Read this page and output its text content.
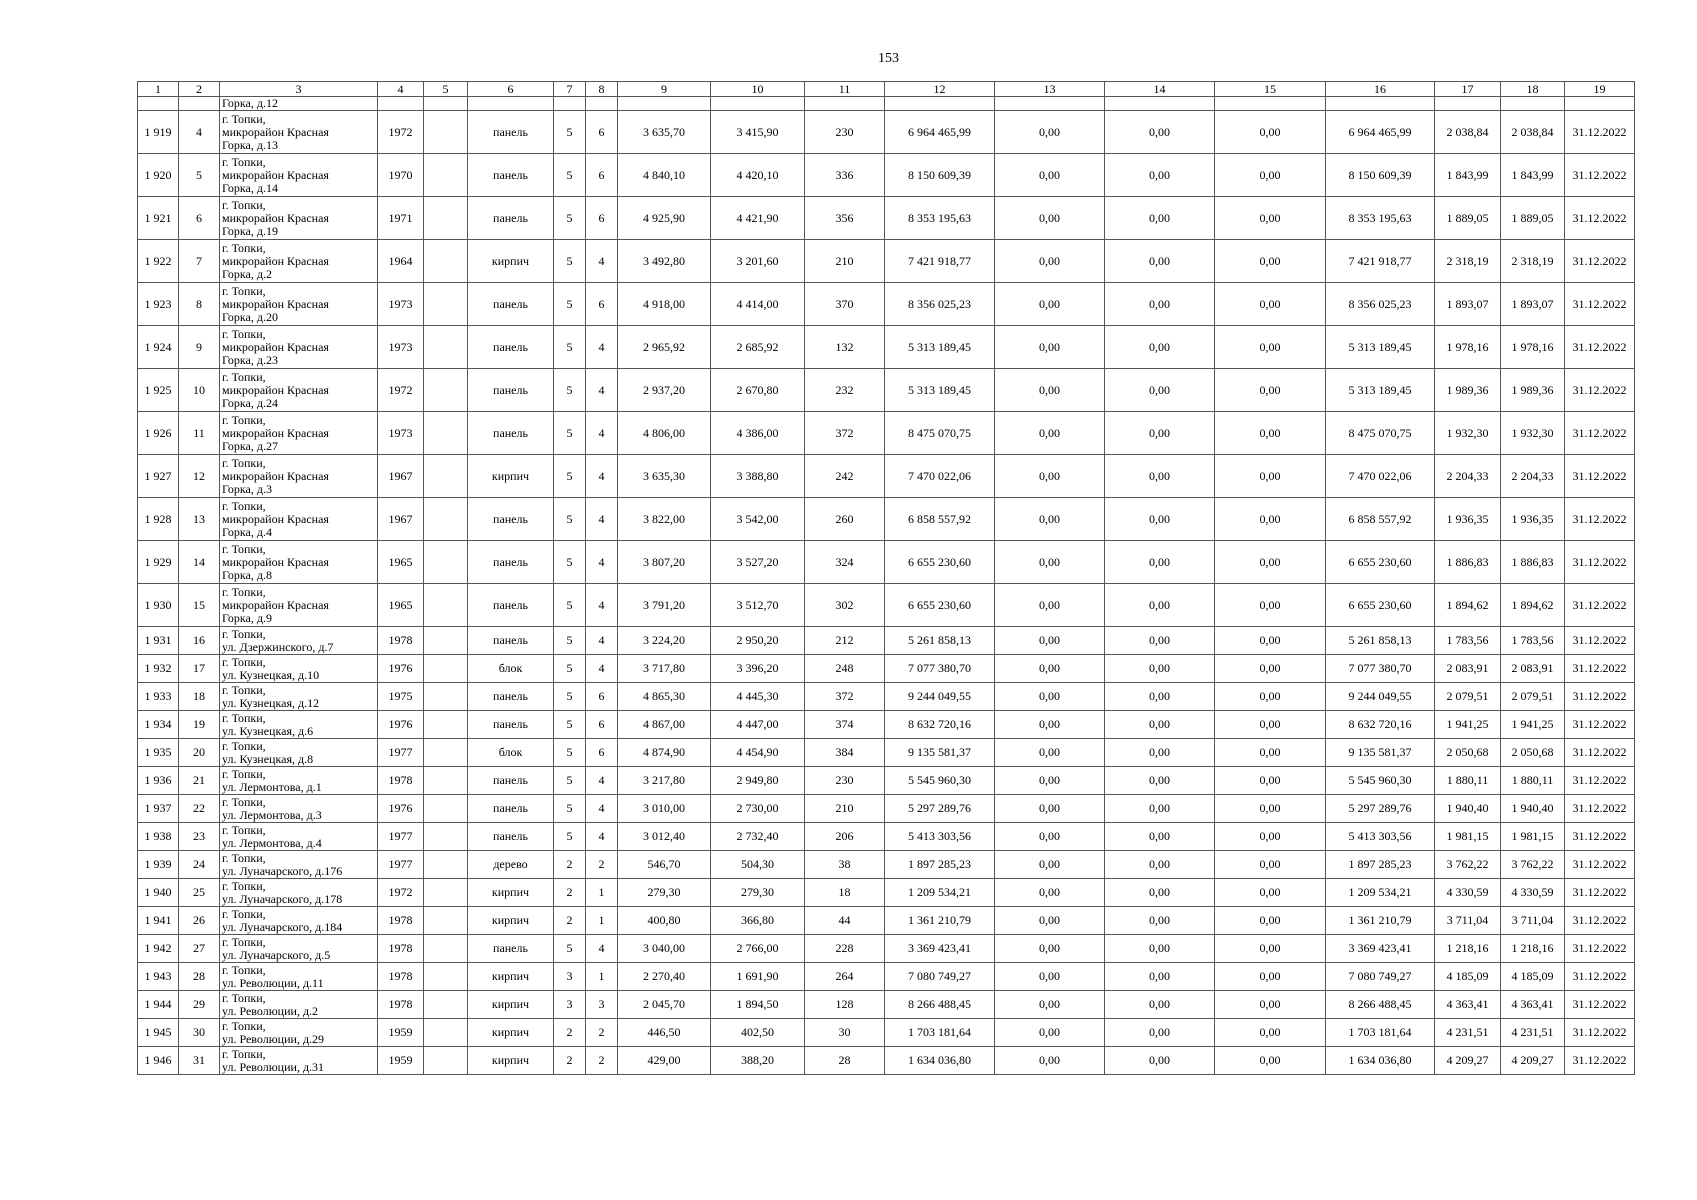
153
1	2	3	4	5	6	7	8	9	10	11	12	13	14	15	16	17	18	19
		Горка, д.12																
1 919	4	г. Топки,
микрорайон Красная
Горка, д.13	1972		панель	5	6	3 635,70	3 415,90	230	6 964 465,99	0,00	0,00	0,00	6 964 465,99	2 038,84	2 038,84	31.12.2022
1 920	5	г. Топки,
микрорайон Красная
Горка, д.14	1970		панель	5	6	4 840,10	4 420,10	336	8 150 609,39	0,00	0,00	0,00	8 150 609,39	1 843,99	1 843,99	31.12.2022
1 921	6	г. Топки,
микрорайон Красная
Горка, д.19	1971		панель	5	6	4 925,90	4 421,90	356	8 353 195,63	0,00	0,00	0,00	8 353 195,63	1 889,05	1 889,05	31.12.2022
1 922	7	г. Топки,
микрорайон Красная
Горка, д.2	1964		кирпич	5	4	3 492,80	3 201,60	210	7 421 918,77	0,00	0,00	0,00	7 421 918,77	2 318,19	2 318,19	31.12.2022
1 923	8	г. Топки,
микрорайон Красная
Горка, д.20	1973		панель	5	6	4 918,00	4 414,00	370	8 356 025,23	0,00	0,00	0,00	8 356 025,23	1 893,07	1 893,07	31.12.2022
1 924	9	г. Топки,
микрорайон Красная
Горка, д.23	1973		панель	5	4	2 965,92	2 685,92	132	5 313 189,45	0,00	0,00	0,00	5 313 189,45	1 978,16	1 978,16	31.12.2022
1 925	10	г. Топки,
микрорайон Красная
Горка, д.24	1972		панель	5	4	2 937,20	2 670,80	232	5 313 189,45	0,00	0,00	0,00	5 313 189,45	1 989,36	1 989,36	31.12.2022
1 926	11	г. Топки,
микрорайон Красная
Горка, д.27	1973		панель	5	4	4 806,00	4 386,00	372	8 475 070,75	0,00	0,00	0,00	8 475 070,75	1 932,30	1 932,30	31.12.2022
1 927	12	г. Топки,
микрорайон Красная
Горка, д.3	1967		кирпич	5	4	3 635,30	3 388,80	242	7 470 022,06	0,00	0,00	0,00	7 470 022,06	2 204,33	2 204,33	31.12.2022
1 928	13	г. Топки,
микрорайон Красная
Горка, д.4	1967		панель	5	4	3 822,00	3 542,00	260	6 858 557,92	0,00	0,00	0,00	6 858 557,92	1 936,35	1 936,35	31.12.2022
1 929	14	г. Топки,
микрорайон Красная
Горка, д.8	1965		панель	5	4	3 807,20	3 527,20	324	6 655 230,60	0,00	0,00	0,00	6 655 230,60	1 886,83	1 886,83	31.12.2022
1 930	15	г. Топки,
микрорайон Красная
Горка, д.9	1965		панель	5	4	3 791,20	3 512,70	302	6 655 230,60	0,00	0,00	0,00	6 655 230,60	1 894,62	1 894,62	31.12.2022
1 931	16	г. Топки,
ул. Дзержинского, д.7	1978		панель	5	4	3 224,20	2 950,20	212	5 261 858,13	0,00	0,00	0,00	5 261 858,13	1 783,56	1 783,56	31.12.2022
1 932	17	г. Топки,
ул. Кузнецкая, д.10	1976		блок	5	4	3 717,80	3 396,20	248	7 077 380,70	0,00	0,00	0,00	7 077 380,70	2 083,91	2 083,91	31.12.2022
1 933	18	г. Топки,
ул. Кузнецкая, д.12	1975		панель	5	6	4 865,30	4 445,30	372	9 244 049,55	0,00	0,00	0,00	9 244 049,55	2 079,51	2 079,51	31.12.2022
1 934	19	г. Топки,
ул. Кузнецкая, д.6	1976		панель	5	6	4 867,00	4 447,00	374	8 632 720,16	0,00	0,00	0,00	8 632 720,16	1 941,25	1 941,25	31.12.2022
1 935	20	г. Топки,
ул. Кузнецкая, д.8	1977		блок	5	6	4 874,90	4 454,90	384	9 135 581,37	0,00	0,00	0,00	9 135 581,37	2 050,68	2 050,68	31.12.2022
1 936	21	г. Топки,
ул. Лермонтова, д.1	1978		панель	5	4	3 217,80	2 949,80	230	5 545 960,30	0,00	0,00	0,00	5 545 960,30	1 880,11	1 880,11	31.12.2022
1 937	22	г. Топки,
ул. Лермонтова, д.3	1976		панель	5	4	3 010,00	2 730,00	210	5 297 289,76	0,00	0,00	0,00	5 297 289,76	1 940,40	1 940,40	31.12.2022
1 938	23	г. Топки,
ул. Лермонтова, д.4	1977		панель	5	4	3 012,40	2 732,40	206	5 413 303,56	0,00	0,00	0,00	5 413 303,56	1 981,15	1 981,15	31.12.2022
1 939	24	г. Топки,
ул. Луначарского, д.176	1977		дерево	2	2	546,70	504,30	38	1 897 285,23	0,00	0,00	0,00	1 897 285,23	3 762,22	3 762,22	31.12.2022
1 940	25	г. Топки,
ул. Луначарского, д.178	1972		кирпич	2	1	279,30	279,30	18	1 209 534,21	0,00	0,00	0,00	1 209 534,21	4 330,59	4 330,59	31.12.2022
1 941	26	г. Топки,
ул. Луначарского, д.184	1978		кирпич	2	1	400,80	366,80	44	1 361 210,79	0,00	0,00	0,00	1 361 210,79	3 711,04	3 711,04	31.12.2022
1 942	27	г. Топки,
ул. Луначарского, д.5	1978		панель	5	4	3 040,00	2 766,00	228	3 369 423,41	0,00	0,00	0,00	3 369 423,41	1 218,16	1 218,16	31.12.2022
1 943	28	г. Топки,
ул. Революции, д.11	1978		кирпич	3	1	2 270,40	1 691,90	264	7 080 749,27	0,00	0,00	0,00	7 080 749,27	4 185,09	4 185,09	31.12.2022
1 944	29	г. Топки,
ул. Революции, д.2	1978		кирпич	3	3	2 045,70	1 894,50	128	8 266 488,45	0,00	0,00	0,00	8 266 488,45	4 363,41	4 363,41	31.12.2022
1 945	30	г. Топки,
ул. Революции, д.29	1959		кирпич	2	2	446,50	402,50	30	1 703 181,64	0,00	0,00	0,00	1 703 181,64	4 231,51	4 231,51	31.12.2022
1 946	31	г. Топки,
ул. Революции, д.31	1959		кирпич	2	2	429,00	388,20	28	1 634 036,80	0,00	0,00	0,00	1 634 036,80	4 209,27	4 209,27	31.12.2022
